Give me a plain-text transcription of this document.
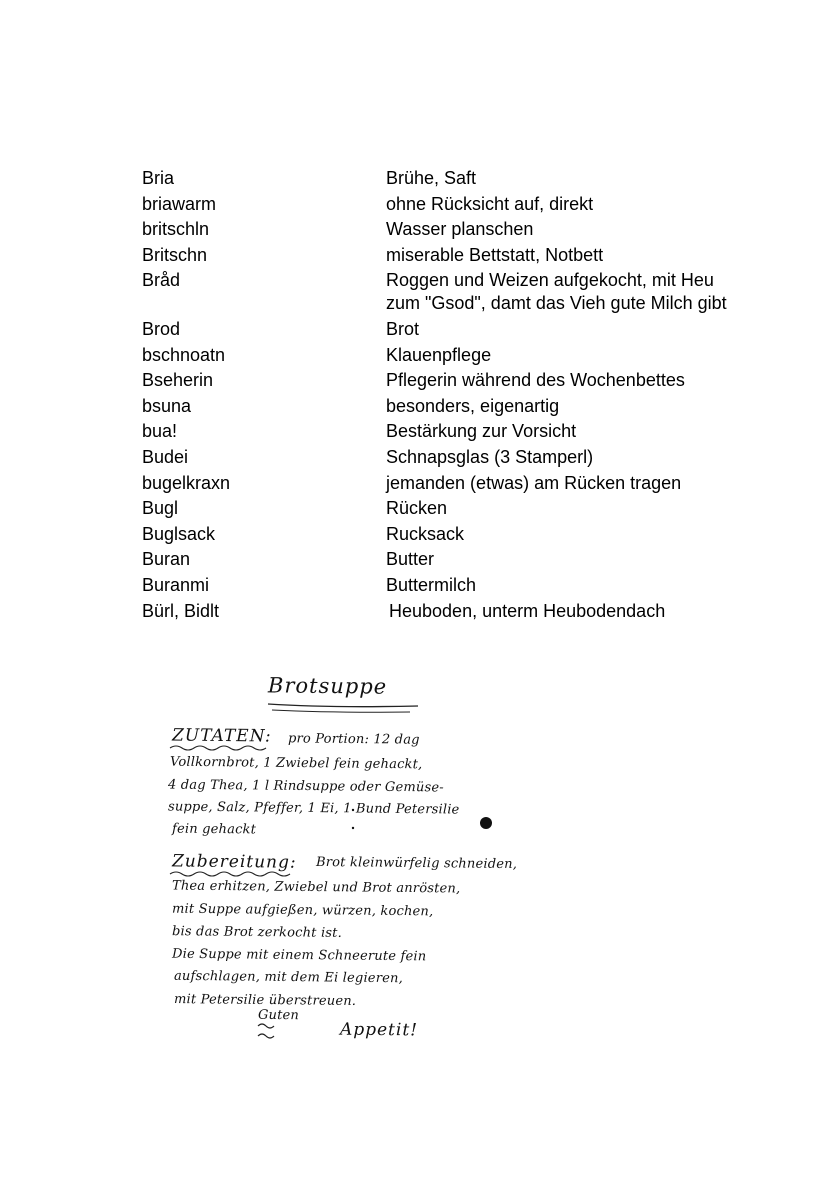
Bria	Brühe, Saft
briawarm	ohne Rücksicht auf, direkt
britschln	Wasser planschen
Britschn	miserable Bettstatt, Notbett
Bråd	Roggen und Weizen aufgekocht, mit Heu zum "Gsod", damt das Vieh gute Milch gibt
Brod	Brot
bschnoatn	Klauenpflege
Bseherin	Pflegerin während des Wochenbettes
bsuna	besonders, eigenartig
bua!	Bestärkung zur Vorsicht
Budei	Schnapsglas (3 Stamperl)
bugelkraxn	jemanden (etwas) am Rücken tragen
Bugl	Rücken
Buglsack	Rucksack
Buran	Butter
Buranmi	Buttermilch
Bürl, Bidlt	Heuboden, unterm Heubodendach
Brotsuppe
ZUTATEN: pro Portion: 12 dag
Vollkornbrot, 1 Zwiebel fein gehackt,
4 dag Thea, 1 l Rindsuppe oder Gemüse-
suppe, Salz, Pfeffer, 1 Ei, 1 Bund Petersilie
fein gehackt
Zubereitung: Brot kleinwürfelig schneiden,
Thea erhitzen, Zwiebel und Brot anrösten,
mit Suppe aufgießen, würzen, kochen,
bis das Brot zerkocht ist.
Die Suppe mit einem Schneerute fein
aufschlagen, mit dem Ei legieren,
mit Petersilie überstreuen.
Guten
Appetit!
